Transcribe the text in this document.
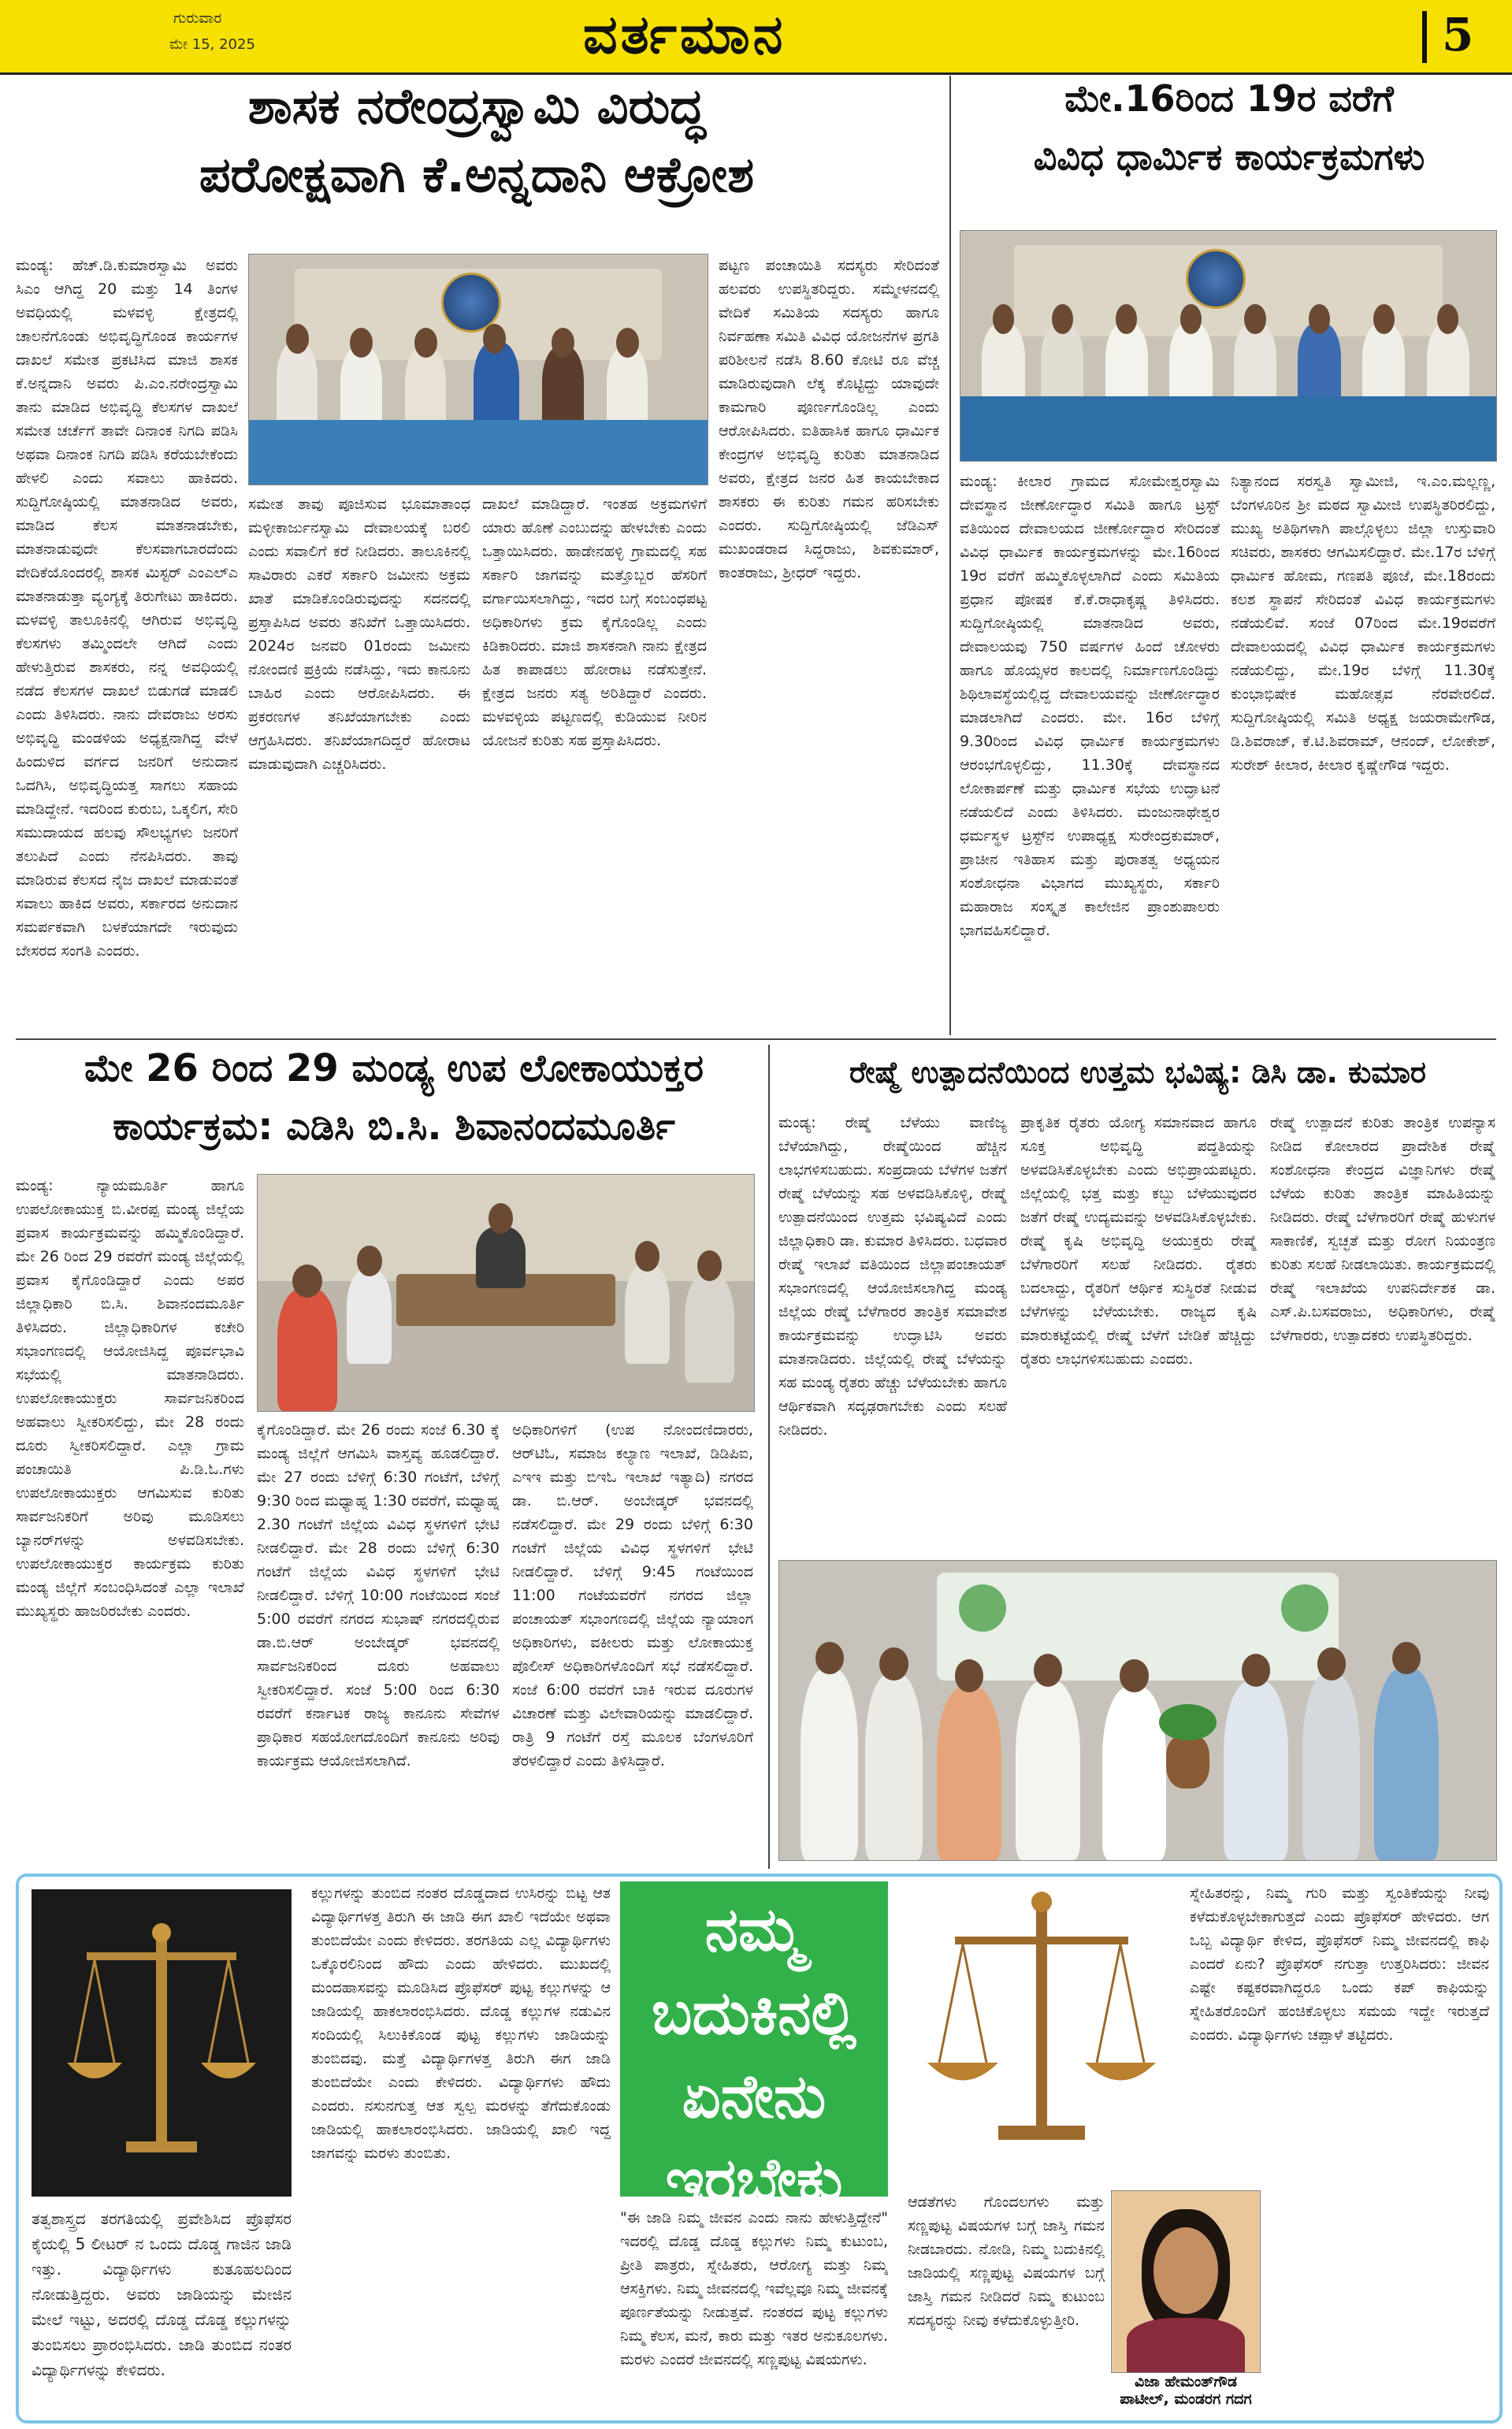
ಗುರುವಾರ
ಮೇ 15, 2025	ವರ್ತಮಾನ	5
ಶಾಸಕ ನರೇಂದ್ರಸ್ವಾಮಿ ವಿರುದ್ಧ
ಪರೋಕ್ಷವಾಗಿ ಕೆ.ಅನ್ನದಾನಿ ಆಕ್ರೋಶ
ಮಂಡ್ಯ: ಹೆಚ್.ಡಿ.ಕುಮಾರಸ್ವಾಮಿ ಅವರು ಸಿಎಂ ಆಗಿದ್ದ 20 ಮತ್ತು 14 ತಿಂಗಳ ಅವಧಿಯಲ್ಲಿ ಮಳವಳ್ಳಿ ಕ್ಷೇತ್ರದಲ್ಲಿ ಚಾಲನೆಗೊಂಡು ಅಭಿವೃದ್ಧಿಗೊಂಡ ಕಾರ್ಯಗಳ ದಾಖಲೆ ಸಮೇತ ಪ್ರಕಟಿಸಿದ ಮಾಜಿ ಶಾಸಕ ಕೆ.ಅನ್ನದಾನಿ ಅವರು ಪಿ.ಎಂ.ನರೇಂದ್ರಸ್ವಾಮಿ ತಾನು ಮಾಡಿದ ಅಭಿವೃದ್ಧಿ ಕೆಲಸಗಳ ದಾಖಲೆ ಸಮೇತ ಚರ್ಚೆಗೆ ತಾವೇ ದಿನಾಂಕ ನಿಗದಿ ಪಡಿಸಿ ಅಥವಾ ದಿನಾಂಕ ನಿಗದಿ ಪಡಿಸಿ ಕರೆಯಬೇಕೆಂದು ಹೇಳಲಿ ಎಂದು ಸವಾಲು ಹಾಕಿದರು. ಸುದ್ದಿಗೋಷ್ಠಿಯಲ್ಲಿ ಮಾತನಾಡಿದ ಅವರು, ಮಾಡಿದ ಕೆಲಸ ಮಾತನಾಡಬೇಕು, ಮಾತನಾಡುವುದೇ ಕೆಲಸವಾಗಬಾರದೆಂದು ವೇದಿಕೆಯೊಂದರಲ್ಲಿ ಶಾಸಕ ಮಿಸ್ಟರ್ ಎಂಎಲ್‌ಎ ಮಾತನಾಡುತ್ತಾ ವ್ಯಂಗ್ಯಕ್ಕೆ ತಿರುಗೇಟು ಹಾಕಿದರು. ಮಳವಳ್ಳಿ ತಾಲೂಕಿನಲ್ಲಿ ಆಗಿರುವ ಅಭಿವೃದ್ಧಿ ಕೆಲಸಗಳು ತಮ್ಮಿಂದಲೇ ಆಗಿದೆ ಎಂದು ಹೇಳುತ್ತಿರುವ ಶಾಸಕರು, ನನ್ನ ಅವಧಿಯಲ್ಲಿ ನಡೆದ ಕೆಲಸಗಳ ದಾಖಲೆ ಬಿಡುಗಡೆ ಮಾಡಲಿ ಎಂದು ತಿಳಿಸಿದರು. ನಾನು ದೇವರಾಜು ಅರಸು ಅಭಿವೃದ್ಧಿ ಮಂಡಳಿಯ ಅಧ್ಯಕ್ಷನಾಗಿದ್ದ ವೇಳೆ ಹಿಂದುಳಿದ ವರ್ಗದ ಜನರಿಗೆ ಅನುದಾನ ಒದಗಿಸಿ, ಅಭಿವೃದ್ಧಿಯತ್ತ ಸಾಗಲು ಸಹಾಯ ಮಾಡಿದ್ದೇನೆ. ಇದರಿಂದ ಕುರುಬ, ಒಕ್ಕಲಿಗ, ಸೇರಿ ಸಮುದಾಯದ ಹಲವು ಸೌಲಭ್ಯಗಳು ಜನರಿಗೆ ತಲುಪಿದೆ ಎಂದು ನೆನಪಿಸಿದರು. ತಾವು ಮಾಡಿರುವ ಕೆಲಸದ ನೈಜ ದಾಖಲೆ ಮಾಡುವಂತೆ ಸವಾಲು ಹಾಕಿದ ಅವರು, ಸರ್ಕಾರದ ಅನುದಾನ ಸಮರ್ಪಕವಾಗಿ ಬಳಕೆಯಾಗದೇ ಇರುವುದು ಬೇಸರದ ಸಂಗತಿ ಎಂದರು.
ಸಮೇತ ತಾವು ಪೂಜಿಸುವ ಭೂಮಾತಾಂಧ ಮಳ್ಳೀಕಾರ್ಜುನಸ್ವಾಮಿ ದೇವಾಲಯಕ್ಕೆ ಬರಲಿ ಎಂದು ಸವಾಲಿಗೆ ಕರೆ ನೀಡಿದರು. ತಾಲೂಕಿನಲ್ಲಿ ಸಾವಿರಾರು ಎಕರೆ ಸರ್ಕಾರಿ ಜಮೀನು ಅಕ್ರಮ ಖಾತೆ ಮಾಡಿಕೊಂಡಿರುವುದನ್ನು ಸದನದಲ್ಲಿ ಪ್ರಸ್ತಾಪಿಸಿದ ಅವರು ತನಿಖೆಗೆ ಒತ್ತಾಯಿಸಿದರು. 2024ರ ಜನವರಿ 01ರಂದು ಜಮೀನು ನೋಂದಣಿ ಪ್ರಕ್ರಿಯೆ ನಡೆಸಿದ್ದು, ಇದು ಕಾನೂನು ಬಾಹಿರ ಎಂದು ಆರೋಪಿಸಿದರು. ಈ ಪ್ರಕರಣಗಳ ತನಿಖೆಯಾಗಬೇಕು ಎಂದು ಆಗ್ರಹಿಸಿದರು. ತನಿಖೆಯಾಗದಿದ್ದರೆ ಹೋರಾಟ ಮಾಡುವುದಾಗಿ ಎಚ್ಚರಿಸಿದರು.
ದಾಖಲೆ ಮಾಡಿದ್ದಾರೆ. ಇಂತಹ ಅಕ್ರಮಗಳಿಗೆ ಯಾರು ಹೊಣೆ ಎಂಬುದನ್ನು ಹೇಳಬೇಕು ಎಂದು ಒತ್ತಾಯಿಸಿದರು. ಹಾಡೇನಹಳ್ಳಿ ಗ್ರಾಮದಲ್ಲಿ ಸಹ ಸರ್ಕಾರಿ ಜಾಗವನ್ನು ಮತ್ತೊಬ್ಬರ ಹೆಸರಿಗೆ ವರ್ಗಾಯಿಸಲಾಗಿದ್ದು, ಇದರ ಬಗ್ಗೆ ಸಂಬಂಧಪಟ್ಟ ಅಧಿಕಾರಿಗಳು ಕ್ರಮ ಕೈಗೊಂಡಿಲ್ಲ ಎಂದು ಕಿಡಿಕಾರಿದರು. ಮಾಜಿ ಶಾಸಕನಾಗಿ ನಾನು ಕ್ಷೇತ್ರದ ಹಿತ ಕಾಪಾಡಲು ಹೋರಾಟ ನಡೆಸುತ್ತೇನೆ. ಕ್ಷೇತ್ರದ ಜನರು ಸತ್ಯ ಅರಿತಿದ್ದಾರೆ ಎಂದರು. ಮಳವಳ್ಳಿಯ ಪಟ್ಟಣದಲ್ಲಿ ಕುಡಿಯುವ ನೀರಿನ ಯೋಜನೆ ಕುರಿತು ಸಹ ಪ್ರಸ್ತಾಪಿಸಿದರು.
ಪಟ್ಟಣ ಪಂಚಾಯಿತಿ ಸದಸ್ಯರು ಸೇರಿದಂತೆ ಹಲವರು ಉಪಸ್ಥಿತರಿದ್ದರು. ಸಮ್ಮೇಳನದಲ್ಲಿ ವೇದಿಕೆ ಸಮಿತಿಯ ಸದಸ್ಯರು ಹಾಗೂ ನಿರ್ವಹಣಾ ಸಮಿತಿ ವಿವಿಧ ಯೋಜನೆಗಳ ಪ್ರಗತಿ ಪರಿಶೀಲನೆ ನಡೆಸಿ 8.60 ಕೋಟಿ ರೂ ವೆಚ್ಚ ಮಾಡಿರುವುದಾಗಿ ಲೆಕ್ಕ ಕೊಟ್ಟಿದ್ದು ಯಾವುದೇ ಕಾಮಗಾರಿ ಪೂರ್ಣಗೊಂಡಿಲ್ಲ ಎಂದು ಆರೋಪಿಸಿದರು. ಐತಿಹಾಸಿಕ ಹಾಗೂ ಧಾರ್ಮಿಕ ಕೇಂದ್ರಗಳ ಅಭಿವೃದ್ಧಿ ಕುರಿತು ಮಾತನಾಡಿದ ಅವರು, ಕ್ಷೇತ್ರದ ಜನರ ಹಿತ ಕಾಯಬೇಕಾದ ಶಾಸಕರು ಈ ಕುರಿತು ಗಮನ ಹರಿಸಬೇಕು ಎಂದರು. ಸುದ್ದಿಗೋಷ್ಠಿಯಲ್ಲಿ ಜೆಡಿಎಸ್ ಮುಖಂಡರಾದ ಸಿದ್ದರಾಜು, ಶಿವಕುಮಾರ್, ಕಾಂತರಾಜು, ಶ್ರೀಧರ್ ಇದ್ದರು.
ಮೇ.16ರಿಂದ 19ರ ವರೆಗೆ
ವಿವಿಧ ಧಾರ್ಮಿಕ ಕಾರ್ಯಕ್ರಮಗಳು
ಮಂಡ್ಯ: ಕೀಲಾರ ಗ್ರಾಮದ ಸೋಮೇಶ್ವರಸ್ವಾಮಿ ದೇವಸ್ಥಾನ ಜೀರ್ಣೋದ್ಧಾರ ಸಮಿತಿ ಹಾಗೂ ಟ್ರಸ್ಟ್ ವತಿಯಿಂದ ದೇವಾಲಯದ ಜೀರ್ಣೋದ್ಧಾರ ಸೇರಿದಂತೆ ವಿವಿಧ ಧಾರ್ಮಿಕ ಕಾರ್ಯಕ್ರಮಗಳನ್ನು ಮೇ.16ರಿಂದ 19ರ ವರೆಗೆ ಹಮ್ಮಿಕೊಳ್ಳಲಾಗಿದೆ ಎಂದು ಸಮಿತಿಯ ಪ್ರಧಾನ ಪೋಷಕ ಕೆ.ಕೆ.ರಾಧಾಕೃಷ್ಣ ತಿಳಿಸಿದರು. ಸುದ್ದಿಗೋಷ್ಠಿಯಲ್ಲಿ ಮಾತನಾಡಿದ ಅವರು, ದೇವಾಲಯವು 750 ವರ್ಷಗಳ ಹಿಂದೆ ಚೋಳರು ಹಾಗೂ ಹೊಯ್ಸಳರ ಕಾಲದಲ್ಲಿ ನಿರ್ಮಾಣಗೊಂಡಿದ್ದು ಶಿಥಿಲಾವಸ್ಥೆಯಲ್ಲಿದ್ದ ದೇವಾಲಯವನ್ನು ಜೀರ್ಣೋದ್ಧಾರ ಮಾಡಲಾಗಿದೆ ಎಂದರು. ಮೇ. 16ರ ಬೆಳಿಗ್ಗೆ 9.30ರಿಂದ ವಿವಿಧ ಧಾರ್ಮಿಕ ಕಾರ್ಯಕ್ರಮಗಳು ಆರಂಭಗೊಳ್ಳಲಿದ್ದು, 11.30ಕ್ಕೆ ದೇವಸ್ಥಾನದ ಲೋಕಾರ್ಪಣೆ ಮತ್ತು ಧಾರ್ಮಿಕ ಸಭೆಯ ಉದ್ಘಾಟನೆ ನಡೆಯಲಿದೆ ಎಂದು ತಿಳಿಸಿದರು. ಮಂಜುನಾಥೇಶ್ವರ ಧರ್ಮಸ್ಥಳ ಟ್ರಸ್ಟ್‌ನ ಉಪಾಧ್ಯಕ್ಷ ಸುರೇಂದ್ರಕುಮಾರ್, ಪ್ರಾಚೀನ ಇತಿಹಾಸ ಮತ್ತು ಪುರಾತತ್ವ ಅಧ್ಯಯನ ಸಂಶೋಧನಾ ವಿಭಾಗದ ಮುಖ್ಯಸ್ಥರು, ಸರ್ಕಾರಿ ಮಹಾರಾಜ ಸಂಸ್ಕೃತ ಕಾಲೇಜಿನ ಪ್ರಾಂಶುಪಾಲರು ಭಾಗವಹಿಸಲಿದ್ದಾರೆ.
ನಿತ್ಯಾನಂದ ಸರಸ್ವತಿ ಸ್ವಾಮೀಜಿ, ಇ.ಎಂ.ಮಲ್ಲಣ್ಣ, ಬೆಂಗಳೂರಿನ ಶ್ರೀ ಮಠದ ಸ್ವಾಮೀಜಿ ಉಪಸ್ಥಿತರಿರಲಿದ್ದು, ಮುಖ್ಯ ಅತಿಥಿಗಳಾಗಿ ಪಾಲ್ಗೊಳ್ಳಲು ಜಿಲ್ಲಾ ಉಸ್ತುವಾರಿ ಸಚಿವರು, ಶಾಸಕರು ಆಗಮಿಸಲಿದ್ದಾರೆ. ಮೇ.17ರ ಬೆಳಿಗ್ಗೆ ಧಾರ್ಮಿಕ ಹೋಮ, ಗಣಪತಿ ಪೂಜೆ, ಮೇ.18ರಂದು ಕಲಶ ಸ್ಥಾಪನೆ ಸೇರಿದಂತೆ ವಿವಿಧ ಕಾರ್ಯಕ್ರಮಗಳು ನಡೆಯಲಿವೆ. ಸಂಜೆ 07ರಿಂದ ಮೇ.19ರವರೆಗೆ ದೇವಾಲಯದಲ್ಲಿ ವಿವಿಧ ಧಾರ್ಮಿಕ ಕಾರ್ಯಕ್ರಮಗಳು ನಡೆಯಲಿದ್ದು, ಮೇ.19ರ ಬೆಳಿಗ್ಗೆ 11.30ಕ್ಕೆ ಕುಂಭಾಭಿಷೇಕ ಮಹೋತ್ಸವ ನೆರವೇರಲಿದೆ. ಸುದ್ದಿಗೋಷ್ಠಿಯಲ್ಲಿ ಸಮಿತಿ ಅಧ್ಯಕ್ಷ ಜಯರಾಮೇಗೌಡ, ಡಿ.ಶಿವರಾಜ್, ಕೆ.ಟಿ.ಶಿವರಾಮ್, ಆನಂದ್, ಲೋಕೇಶ್, ಸುರೇಶ್ ಕೀಲಾರ, ಕೀಲಾರ ಕೃಷ್ಣೇಗೌಡ ಇದ್ದರು.
ಮೇ 26 ರಿಂದ 29 ಮಂಡ್ಯ ಉಪ ಲೋಕಾಯುಕ್ತರ
ಕಾರ್ಯಕ್ರಮ: ಎಡಿಸಿ ಬಿ.ಸಿ. ಶಿವಾನಂದಮೂರ್ತಿ
ಮಂಡ್ಯ: ನ್ಯಾಯಮೂರ್ತಿ ಹಾಗೂ ಉಪಲೋಕಾಯುಕ್ತ ಬಿ.ವೀರಪ್ಪ ಮಂಡ್ಯ ಜಿಲ್ಲೆಯ ಪ್ರವಾಸ ಕಾರ್ಯಕ್ರಮವನ್ನು ಹಮ್ಮಿಕೊಂಡಿದ್ದಾರೆ. ಮೇ 26 ರಿಂದ 29 ರವರೆಗೆ ಮಂಡ್ಯ ಜಿಲ್ಲೆಯಲ್ಲಿ ಪ್ರವಾಸ ಕೈಗೊಂಡಿದ್ದಾರೆ ಎಂದು ಅಪರ ಜಿಲ್ಲಾಧಿಕಾರಿ ಬಿ.ಸಿ. ಶಿವಾನಂದಮೂರ್ತಿ ತಿಳಿಸಿದರು. ಜಿಲ್ಲಾಧಿಕಾರಿಗಳ ಕಚೇರಿ ಸಭಾಂಗಣದಲ್ಲಿ ಆಯೋಜಿಸಿದ್ದ ಪೂರ್ವಭಾವಿ ಸಭೆಯಲ್ಲಿ ಮಾತನಾಡಿದರು. ಉಪಲೋಕಾಯುಕ್ತರು ಸಾರ್ವಜನಿಕರಿಂದ ಅಹವಾಲು ಸ್ವೀಕರಿಸಲಿದ್ದು, ಮೇ 28 ರಂದು ದೂರು ಸ್ವೀಕರಿಸಲಿದ್ದಾರೆ. ಎಲ್ಲಾ ಗ್ರಾಮ ಪಂಚಾಯಿತಿ ಪಿ.ಡಿ.ಓ.ಗಳು ಉಪಲೋಕಾಯುಕ್ತರು ಆಗಮಿಸುವ ಕುರಿತು ಸಾರ್ವಜನಿಕರಿಗೆ ಅರಿವು ಮೂಡಿಸಲು ಬ್ಯಾನರ್‌ಗಳನ್ನು ಅಳವಡಿಸಬೇಕು. ಉಪಲೋಕಾಯುಕ್ತರ ಕಾರ್ಯಕ್ರಮ ಕುರಿತು ಮಂಡ್ಯ ಜಿಲ್ಲೆಗೆ ಸಂಬಂಧಿಸಿದಂತೆ ಎಲ್ಲಾ ಇಲಾಖೆ ಮುಖ್ಯಸ್ಥರು ಹಾಜರಿರಬೇಕು ಎಂದರು.
ಕೈಗೊಂಡಿದ್ದಾರೆ. ಮೇ 26 ರಂದು ಸಂಜೆ 6.30 ಕ್ಕೆ ಮಂಡ್ಯ ಜಿಲ್ಲೆಗೆ ಆಗಮಿಸಿ ವಾಸ್ತವ್ಯ ಹೂಡಲಿದ್ದಾರೆ. ಮೇ 27 ರಂದು ಬೆಳಿಗ್ಗೆ 6:30 ಗಂಟೆಗೆ, ಬೆಳಿಗ್ಗೆ 9:30 ರಿಂದ ಮಧ್ಯಾಹ್ನ 1:30 ರವರೆಗೆ, ಮಧ್ಯಾಹ್ನ 2.30 ಗಂಟೆಗೆ ಜಿಲ್ಲೆಯ ವಿವಿಧ ಸ್ಥಳಗಳಿಗೆ ಭೇಟಿ ನೀಡಲಿದ್ದಾರೆ. ಮೇ 28 ರಂದು ಬೆಳಿಗ್ಗೆ 6:30 ಗಂಟೆಗೆ ಜಿಲ್ಲೆಯ ವಿವಿಧ ಸ್ಥಳಗಳಿಗೆ ಭೇಟಿ ನೀಡಲಿದ್ದಾರೆ. ಬೆಳಿಗ್ಗೆ 10:00 ಗಂಟೆಯಿಂದ ಸಂಜೆ 5:00 ರವರೆಗೆ ನಗರದ ಸುಭಾಷ್ ನಗರದಲ್ಲಿರುವ ಡಾ.ಬಿ.ಆರ್ ಅಂಬೇಡ್ಕರ್ ಭವನದಲ್ಲಿ ಸಾರ್ವಜನಿಕರಿಂದ ದೂರು ಅಹವಾಲು ಸ್ವೀಕರಿಸಲಿದ್ದಾರೆ. ಸಂಜೆ 5:00 ರಿಂದ 6:30 ರವರೆಗೆ ಕರ್ನಾಟಕ ರಾಜ್ಯ ಕಾನೂನು ಸೇವೆಗಳ ಪ್ರಾಧಿಕಾರ ಸಹಯೋಗದೊಂದಿಗೆ ಕಾನೂನು ಅರಿವು ಕಾರ್ಯಕ್ರಮ ಆಯೋಜಿಸಲಾಗಿದೆ.
ಅಧಿಕಾರಿಗಳಿಗೆ (ಉಪ ನೋಂದಣಿದಾರರು, ಆರ್‌ಟಿಓ, ಸಮಾಜ ಕಲ್ಯಾಣ ಇಲಾಖೆ, ಡಿಡಿಪಿಐ, ಎಇಇ ಮತ್ತು ಬಿಇಓ ಇಲಾಖೆ ಇತ್ಯಾದಿ) ನಗರದ ಡಾ. ಬಿ.ಆರ್. ಅಂಬೇಡ್ಕರ್ ಭವನದಲ್ಲಿ ನಡೆಸಲಿದ್ದಾರೆ. ಮೇ 29 ರಂದು ಬೆಳಿಗ್ಗೆ 6:30 ಗಂಟೆಗೆ ಜಿಲ್ಲೆಯ ವಿವಿಧ ಸ್ಥಳಗಳಿಗೆ ಭೇಟಿ ನೀಡಲಿದ್ದಾರೆ. ಬೆಳಿಗ್ಗೆ 9:45 ಗಂಟೆಯಿಂದ 11:00 ಗಂಟೆಯವರೆಗೆ ನಗರದ ಜಿಲ್ಲಾ ಪಂಚಾಯತ್ ಸಭಾಂಗಣದಲ್ಲಿ ಜಿಲ್ಲೆಯ ನ್ಯಾಯಾಂಗ ಅಧಿಕಾರಿಗಳು, ವಕೀಲರು ಮತ್ತು ಲೋಕಾಯುಕ್ತ ಪೊಲೀಸ್ ಅಧಿಕಾರಿಗಳೊಂದಿಗೆ ಸಭೆ ನಡೆಸಲಿದ್ದಾರೆ. ಸಂಜೆ 6:00 ರವರೆಗೆ ಬಾಕಿ ಇರುವ ದೂರುಗಳ ವಿಚಾರಣೆ ಮತ್ತು ವಿಲೇವಾರಿಯನ್ನು ಮಾಡಲಿದ್ದಾರೆ. ರಾತ್ರಿ 9 ಗಂಟೆಗೆ ರಸ್ತೆ ಮೂಲಕ ಬೆಂಗಳೂರಿಗೆ ತೆರಳಲಿದ್ದಾರೆ ಎಂದು ತಿಳಿಸಿದ್ದಾರೆ.
ರೇಷ್ಮೆ ಉತ್ಪಾದನೆಯಿಂದ ಉತ್ತಮ ಭವಿಷ್ಯ: ಡಿಸಿ ಡಾ. ಕುಮಾರ
ಮಂಡ್ಯ: ರೇಷ್ಮೆ ಬೆಳೆಯು ವಾಣಿಜ್ಯ ಬೆಳೆಯಾಗಿದ್ದು, ರೇಷ್ಮೆಯಿಂದ ಹೆಚ್ಚಿನ ಲಾಭಗಳಿಸಬಹುದು. ಸಂಪ್ರದಾಯ ಬೆಳೆಗಳ ಜತೆಗೆ ರೇಷ್ಮೆ ಬೆಳೆಯನ್ನು ಸಹ ಅಳವಡಿಸಿಕೊಳ್ಳಿ, ರೇಷ್ಮೆ ಉತ್ಪಾದನೆಯಿಂದ ಉತ್ತಮ ಭವಿಷ್ಯವಿದೆ ಎಂದು ಜಿಲ್ಲಾಧಿಕಾರಿ ಡಾ. ಕುಮಾರ ತಿಳಿಸಿದರು. ಬಧವಾರ ರೇಷ್ಮೆ ಇಲಾಖೆ ವತಿಯಿಂದ ಜಿಲ್ಲಾಪಂಚಾಯತ್ ಸಭಾಂಗಣದಲ್ಲಿ ಆಯೋಜಿಸಲಾಗಿದ್ದ ಮಂಡ್ಯ ಜಿಲ್ಲೆಯ ರೇಷ್ಮೆ ಬೆಳೆಗಾರರ ತಾಂತ್ರಿಕ ಸಮಾವೇಶ ಕಾರ್ಯಕ್ರಮವನ್ನು ಉದ್ಘಾಟಿಸಿ ಅವರು ಮಾತನಾಡಿದರು. ಜಿಲ್ಲೆಯಲ್ಲಿ ರೇಷ್ಮೆ ಬೆಳೆಯನ್ನು ಸಹ ಮಂಡ್ಯ ರೈತರು ಹೆಚ್ಚು ಬೆಳೆಯಬೇಕು ಹಾಗೂ ಆರ್ಥಿಕವಾಗಿ ಸದೃಢರಾಗಬೇಕು ಎಂದು ಸಲಹೆ ನೀಡಿದರು.
ಪ್ರಾಕೃತಿಕ ರೈತರು ಯೋಗ್ಯ ಸಮಾನವಾದ ಹಾಗೂ ಸೂಕ್ತ ಅಭಿವೃದ್ಧಿ ಪದ್ಧತಿಯನ್ನು ಅಳವಡಿಸಿಕೊಳ್ಳಬೇಕು ಎಂದು ಅಭಿಪ್ರಾಯಪಟ್ಟರು. ಜಿಲ್ಲೆಯಲ್ಲಿ ಭತ್ತ ಮತ್ತು ಕಬ್ಬು ಬೆಳೆಯುವುದರ ಜತೆಗೆ ರೇಷ್ಮೆ ಉದ್ಯಮವನ್ನು ಅಳವಡಿಸಿಕೊಳ್ಳಬೇಕು. ರೇಷ್ಮೆ ಕೃಷಿ ಅಭಿವೃದ್ಧಿ ಅಯುಕ್ತರು ರೇಷ್ಮೆ ಬೆಳೆಗಾರರಿಗೆ ಸಲಹೆ ನೀಡಿದರು. ರೈತರು ಬದಲಾದ್ದು, ರೈತರಿಗೆ ಆರ್ಥಿಕ ಸುಸ್ಥಿರತೆ ನೀಡುವ ಬೆಳೆಗಳನ್ನು ಬೆಳೆಯಬೇಕು. ರಾಜ್ಯದ ಕೃಷಿ ಮಾರುಕಟ್ಟೆಯಲ್ಲಿ ರೇಷ್ಮೆ ಬೆಳೆಗೆ ಬೇಡಿಕೆ ಹೆಚ್ಚಿದ್ದು ರೈತರು ಲಾಭಗಳಿಸಬಹುದು ಎಂದರು.
ರೇಷ್ಮೆ ಉತ್ಪಾದನೆ ಕುರಿತು ತಾಂತ್ರಿಕ ಉಪನ್ಯಾಸ ನೀಡಿದ ಕೋಲಾರದ ಪ್ರಾದೇಶಿಕ ರೇಷ್ಮೆ ಸಂಶೋಧನಾ ಕೇಂದ್ರದ ವಿಜ್ಞಾನಿಗಳು ರೇಷ್ಮೆ ಬೆಳೆಯ ಕುರಿತು ತಾಂತ್ರಿಕ ಮಾಹಿತಿಯನ್ನು ನೀಡಿದರು. ರೇಷ್ಮೆ ಬೆಳೆಗಾರರಿಗೆ ರೇಷ್ಮೆ ಹುಳುಗಳ ಸಾಕಾಣಿಕೆ, ಸ್ವಚ್ಛತೆ ಮತ್ತು ರೋಗ ನಿಯಂತ್ರಣ ಕುರಿತು ಸಲಹೆ ನೀಡಲಾಯಿತು. ಕಾರ್ಯಕ್ರಮದಲ್ಲಿ ರೇಷ್ಮೆ ಇಲಾಖೆಯ ಉಪನಿರ್ದೇಶಕ ಡಾ. ಎಸ್.ಪಿ.ಬಸವರಾಜು, ಅಧಿಕಾರಿಗಳು, ರೇಷ್ಮೆ ಬೆಳೆಗಾರರು, ಉತ್ಪಾದಕರು ಉಪಸ್ಥಿತರಿದ್ದರು.
ಕಲ್ಲುಗಳನ್ನು ತುಂಬಿದ ನಂತರ ದೊಡ್ಡದಾದ ಉಸಿರನ್ನು ಬಿಟ್ಟ ಆತ ವಿದ್ಯಾರ್ಥಿಗಳತ್ತ ತಿರುಗಿ ಈ ಜಾಡಿ ಈಗ ಖಾಲಿ ಇದೆಯೇ ಅಥವಾ ತುಂಬಿದೆಯೇ ಎಂದು ಕೇಳಿದರು. ತರಗತಿಯ ಎಲ್ಲ ವಿದ್ಯಾರ್ಥಿಗಳು ಒಕ್ಕೊರಲಿನಿಂದ ಹೌದು ಎಂದು ಹೇಳಿದರು. ಮುಖದಲ್ಲಿ ಮಂದಹಾಸವನ್ನು ಮೂಡಿಸಿದ ಪ್ರೊಫೆಸರ್ ಪುಟ್ಟ ಕಲ್ಲುಗಳನ್ನು ಆ ಜಾಡಿಯಲ್ಲಿ ಹಾಕಲಾರಂಭಿಸಿದರು. ದೊಡ್ಡ ಕಲ್ಲುಗಳ ನಡುವಿನ ಸಂದಿಯಲ್ಲಿ ಸಿಲುಕಿಕೊಂಡ ಪುಟ್ಟ ಕಲ್ಲುಗಳು ಜಾಡಿಯನ್ನು ತುಂಬಿದವು. ಮತ್ತೆ ವಿದ್ಯಾರ್ಥಿಗಳತ್ತ ತಿರುಗಿ ಈಗ ಜಾಡಿ ತುಂಬಿದೆಯೇ ಎಂದು ಕೇಳಿದರು. ವಿದ್ಯಾರ್ಥಿಗಳು ಹೌದು ಎಂದರು. ನಸುನಗುತ್ತ ಆತ ಸ್ವಲ್ಪ ಮರಳನ್ನು ತೆಗೆದುಕೊಂಡು ಜಾಡಿಯಲ್ಲಿ ಹಾಕಲಾರಂಭಿಸಿದರು. ಜಾಡಿಯಲ್ಲಿ ಖಾಲಿ ಇದ್ದ ಜಾಗವನ್ನು ಮರಳು ತುಂಬಿತು.
ನಮ್ಮ
ಬದುಕಿನಲ್ಲಿ
ಏನೇನು
ಇರಬೇಕು
ಸ್ನೇಹಿತರನ್ನು, ನಿಮ್ಮ ಗುರಿ ಮತ್ತು ಸ್ವಂತಿಕೆಯನ್ನು ನೀವು ಕಳೆದುಕೊಳ್ಳಬೇಕಾಗುತ್ತದೆ ಎಂದು ಪ್ರೊಫೆಸರ್ ಹೇಳಿದರು. ಆಗ ಒಬ್ಬ ವಿದ್ಯಾರ್ಥಿ ಕೇಳಿದ, ಪ್ರೊಫೆಸರ್ ನಿಮ್ಮ ಜೀವನದಲ್ಲಿ ಕಾಫಿ ಎಂದರೆ ಏನು? ಪ್ರೊಫೆಸರ್ ನಗುತ್ತಾ ಉತ್ತರಿಸಿದರು: ಜೀವನ ಎಷ್ಟೇ ಕಷ್ಟಕರವಾಗಿದ್ದರೂ ಒಂದು ಕಪ್ ಕಾಫಿಯನ್ನು ಸ್ನೇಹಿತರೊಂದಿಗೆ ಹಂಚಿಕೊಳ್ಳಲು ಸಮಯ ಇದ್ದೇ ಇರುತ್ತದೆ ಎಂದರು. ವಿದ್ಯಾರ್ಥಿಗಳು ಚಪ್ಪಾಳೆ ತಟ್ಟಿದರು.
ತತ್ವಶಾಸ್ತ್ರದ ತರಗತಿಯಲ್ಲಿ ಪ್ರವೇಶಿಸಿದ ಪ್ರೊಫೆಸರ ಕೈಯಲ್ಲಿ 5 ಲೀಟರ್ ನ ಒಂದು ದೊಡ್ಡ ಗಾಜಿನ ಜಾಡಿ ಇತ್ತು. ವಿದ್ಯಾರ್ಥಿಗಳು ಕುತೂಹಲದಿಂದ ನೋಡುತ್ತಿದ್ದರು. ಅವರು ಜಾಡಿಯನ್ನು ಮೇಜಿನ ಮೇಲೆ ಇಟ್ಟು, ಅದರಲ್ಲಿ ದೊಡ್ಡ ದೊಡ್ಡ ಕಲ್ಲುಗಳನ್ನು ತುಂಬಿಸಲು ಪ್ರಾರಂಭಿಸಿದರು. ಜಾಡಿ ತುಂಬಿದ ನಂತರ ವಿದ್ಯಾರ್ಥಿಗಳನ್ನು ಕೇಳಿದರು.
"ಈ ಜಾಡಿ ನಿಮ್ಮ ಜೀವನ ಎಂದು ನಾನು ಹೇಳುತ್ತಿದ್ದೇನೆ" ಇದರಲ್ಲಿ ದೊಡ್ಡ ದೊಡ್ಡ ಕಲ್ಲುಗಳು ನಿಮ್ಮ ಕುಟುಂಬ, ಪ್ರೀತಿ ಪಾತ್ರರು, ಸ್ನೇಹಿತರು, ಆರೋಗ್ಯ ಮತ್ತು ನಿಮ್ಮ ಆಸಕ್ತಿಗಳು. ನಿಮ್ಮ ಜೀವನದಲ್ಲಿ ಇವೆಲ್ಲವೂ ನಿಮ್ಮ ಜೀವನಕ್ಕೆ ಪೂರ್ಣತೆಯನ್ನು ನೀಡುತ್ತವೆ. ನಂತರದ ಪುಟ್ಟ ಕಲ್ಲುಗಳು ನಿಮ್ಮ ಕೆಲಸ, ಮನೆ, ಕಾರು ಮತ್ತು ಇತರ ಅನುಕೂಲಗಳು. ಮರಳು ಎಂದರೆ ಜೀವನದಲ್ಲಿ ಸಣ್ಣಪುಟ್ಟ ವಿಷಯಗಳು.
ಆಡತೆಗಳು ಗೊಂದಲಗಳು ಮತ್ತು ಸಣ್ಣಪುಟ್ಟ ವಿಷಯಗಳ ಬಗ್ಗೆ ಜಾಸ್ತಿ ಗಮನ ನೀಡಬಾರದು. ನೋಡಿ, ನಿಮ್ಮ ಬದುಕಿನಲ್ಲಿ ಜಾಡಿಯಲ್ಲಿ ಸಣ್ಣಪುಟ್ಟ ವಿಷಯಗಳ ಬಗ್ಗೆ ಜಾಸ್ತಿ ಗಮನ ನೀಡಿದರೆ ನಿಮ್ಮ ಕುಟುಂಬ ಸದಸ್ಯರನ್ನು ನೀವು ಕಳೆದುಕೊಳ್ಳುತ್ತೀರಿ.
ವಿಜಾ ಹೇಮಂತ್‌ಗೌಡ
ಪಾಟೀಲ್, ಮಂಡರಗ ಗದಗ
